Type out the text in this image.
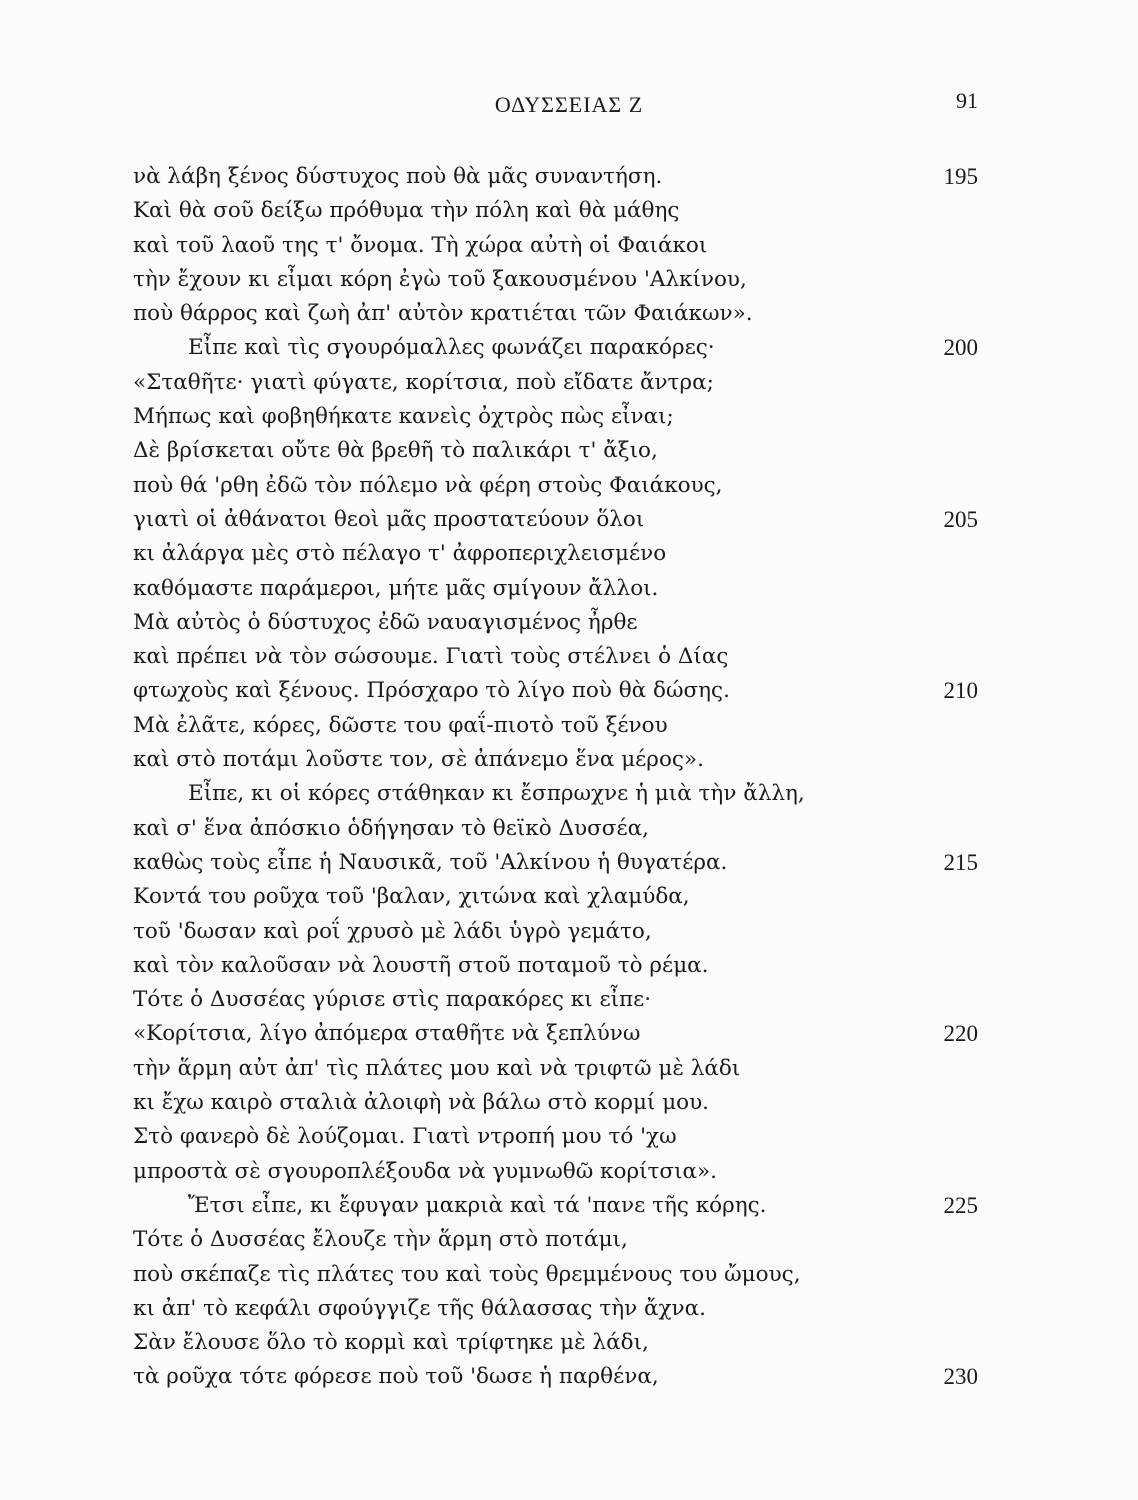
ΟΔΥΣΣΕΙΑΣ Ζ	91
νὰ λάβη ξένος δύστυχος ποὺ θὰ μᾶς συναντήση.	195
Καὶ θὰ σοῦ δείξω πρόθυμα τὴν πόλη καὶ θὰ μάθης
καὶ τοῦ λαοῦ της τ' ὄνομα. Τὴ χώρα αὐτὴ οἱ Φαιάκοι
τὴν ἔχουν κι εἶμαι κόρη ἐγὼ τοῦ ξακουσμένου 'Αλκίνου,
ποὺ θάρρος καὶ ζωὴ ἀπ' αὐτὸν κρατιέται τῶν Φαιάκων».
Εἶπε καὶ τὶς σγουρόμαλλες φωνάζει παρακόρες·	200
«Σταθῆτε· γιατὶ φύγατε, κορίτσια, ποὺ εἴδατε ἄντρα;
Μήπως καὶ φοβηθήκατε κανεὶς ὀχτρὸς πὼς εἶναι;
Δὲ βρίσκεται οὔτε θὰ βρεθῆ τὸ παλικάρι τ' ἄξιο,
ποὺ θά 'ρθη ἐδῶ τὸν πόλεμο νὰ φέρη στοὺς Φαιάκους,
γιατὶ οἱ ἀθάνατοι θεοὶ μᾶς προστατεύουν ὅλοι	205
κι ἀλάργα μὲς στὸ πέλαγο τ' ἀφροπεριχλεισμένο
καθόμαστε παράμεροι, μήτε μᾶς σμίγουν ἄλλοι.
Μὰ αὐτὸς ὁ δύστυχος ἐδῶ ναυαγισμένος ἦρθε
καὶ πρέπει νὰ τὸν σώσουμε. Γιατὶ τοὺς στέλνει ὁ Δίας
φτωχοὺς καὶ ξένους. Πρόσχαρο τὸ λίγο ποὺ θὰ δώσης.	210
Μὰ ἐλᾶτε, κόρες, δῶστε του φαΐ-πιοτὸ τοῦ ξένου
καὶ στὸ ποτάμι λοῦστε τον, σὲ ἀπάνεμο ἕνα μέρος».
Εἶπε, κι οἱ κόρες στάθηκαν κι ἔσπρωχνε ἡ μιὰ τὴν ἄλλη,
καὶ σ' ἕνα ἀπόσκιο ὁδήγησαν τὸ θεϊκὸ Δυσσέα,
καθὼς τοὺς εἶπε ἡ Ναυσικᾶ, τοῦ 'Αλκίνου ἡ θυγατέρα.	215
Κοντά του ροῦχα τοῦ 'βαλαν, χιτώνα καὶ χλαμύδα,
τοῦ 'δωσαν καὶ ροΐ χρυσὸ μὲ λάδι ὑγρὸ γεμάτο,
καὶ τὸν καλοῦσαν νὰ λουστῆ στοῦ ποταμοῦ τὸ ρέμα.
Τότε ὁ Δυσσέας γύρισε στὶς παρακόρες κι εἶπε·
«Κορίτσια, λίγο ἀπόμερα σταθῆτε νὰ ξεπλύνω	220
τὴν ἅρμη αὐτ ἀπ' τὶς πλάτες μου καὶ νὰ τριφτῶ μὲ λάδι
κι ἔχω καιρὸ σταλιὰ ἀλοιφὴ νὰ βάλω στὸ κορμί μου.
Στὸ φανερὸ δὲ λούζομαι. Γιατὶ ντροπή μου τό 'χω
μπροστὰ σὲ σγουροπλέξουδα νὰ γυμνωθῶ κορίτσια».
Ἔτσι εἶπε, κι ἔφυγαν μακριὰ καὶ τά 'πανε τῆς κόρης.	225
Τότε ὁ Δυσσέας ἔλουζε τὴν ἅρμη στὸ ποτάμι,
ποὺ σκέπαζε τὶς πλάτες του καὶ τοὺς θρεμμένους του ὤμους,
κι ἀπ' τὸ κεφάλι σφούγγιζε τῆς θάλασσας τὴν ἄχνα.
Σὰν ἔλουσε ὅλο τὸ κορμὶ καὶ τρίφτηκε μὲ λάδι,
τὰ ροῦχα τότε φόρεσε ποὺ τοῦ 'δωσε ἡ παρθένα,	230
